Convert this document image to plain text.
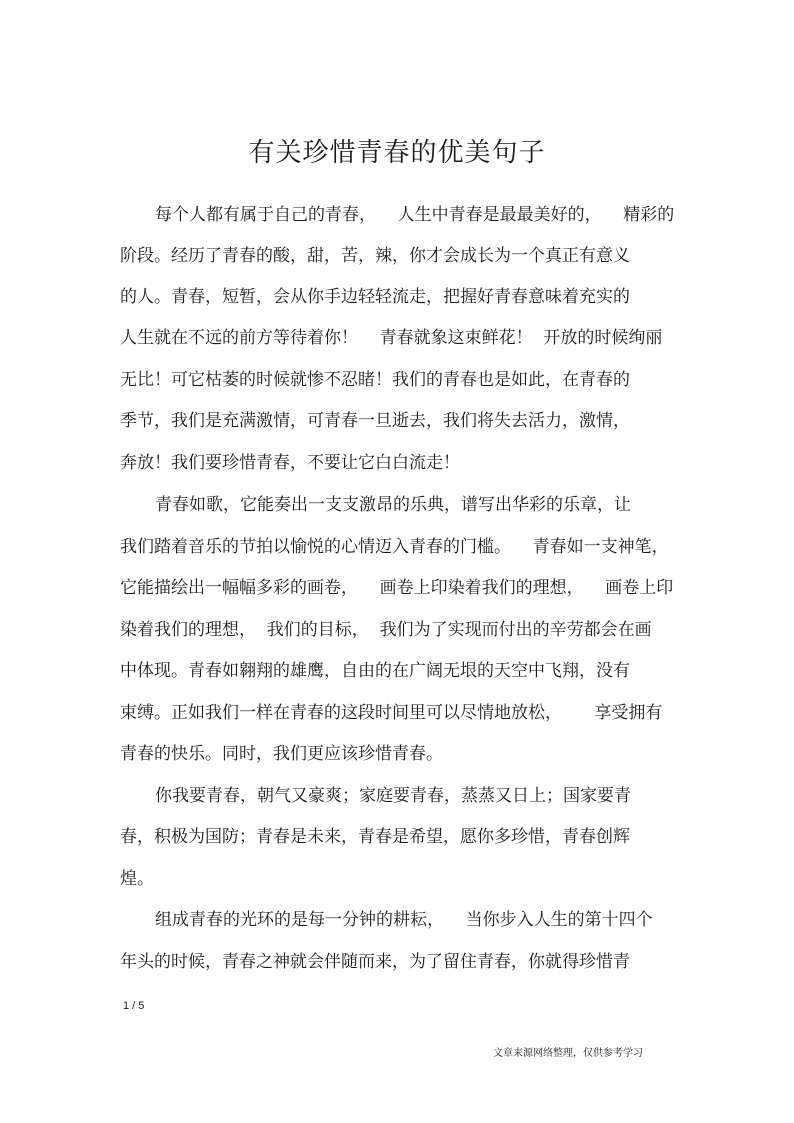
有关珍惜青春的优美句子
每个人都有属于自己的青春，    人生中青春是最最美好的，    精彩的
阶段。经历了青春的酸，甜，苦，辣，你才会成长为一个真正有意义
的人。青春，短暂，会从你手边轻轻流走，把握好青春意味着充实的
人生就在不远的前方等待着你！    青春就象这束鲜花！  开放的时候绚丽
无比！可它枯萎的时候就惨不忍睹！我们的青春也是如此，在青春的
季节，我们是充满激情，可青春一旦逝去，我们将失去活力，激情，
奔放！我们要珍惜青春，不要让它白白流走！
青春如歌，它能奏出一支支激昂的乐典，谱写出华彩的乐章，让
我们踏着音乐的节拍以愉悦的心情迈入青春的门槛。    青春如一支神笔，
它能描绘出一幅幅多彩的画卷，    画卷上印染着我们的理想，    画卷上印
染着我们的理想，  我们的目标，  我们为了实现而付出的辛劳都会在画
中体现。青春如翱翔的雄鹰，自由的在广阔无垠的天空中飞翔，没有
束缚。正如我们一样在青春的这段时间里可以尽情地放松，      享受拥有
青春的快乐。同时，我们更应该珍惜青春。
你我要青春，朝气又豪爽；家庭要青春，蒸蒸又日上；国家要青
春，积极为国防；青春是未来，青春是希望，愿你多珍惜，青春创辉
煌。
组成青春的光环的是每一分钟的耕耘，    当你步入人生的第十四个
年头的时候，青春之神就会伴随而来，为了留住青春，你就得珍惜青
1 / 5
文章来源网络整理，仅供参考学习
